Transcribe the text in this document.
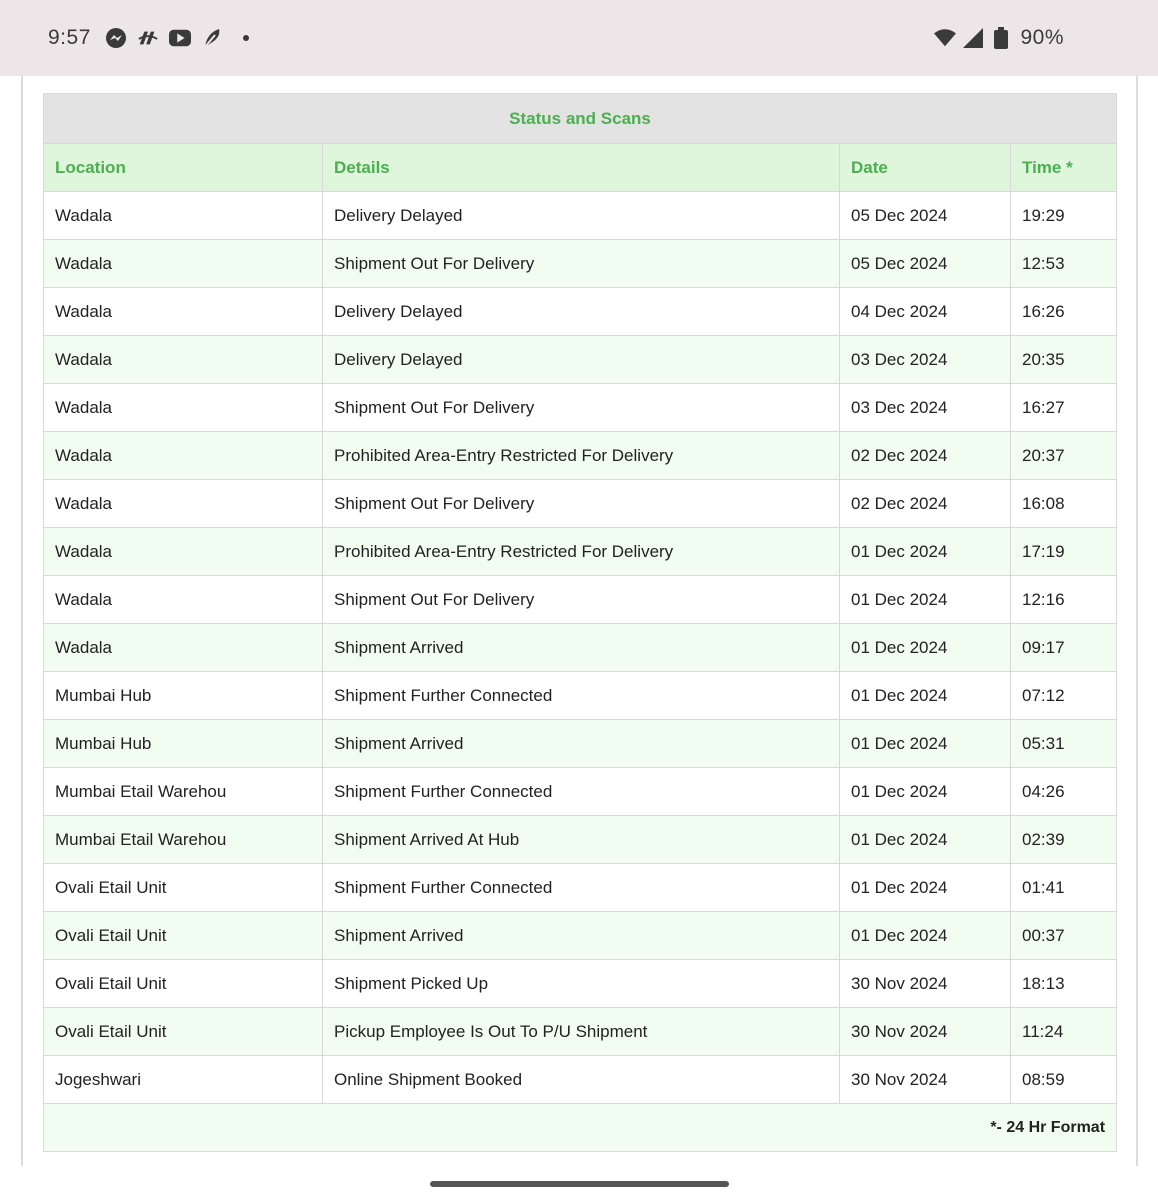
9:57	90%
Status and Scans			
Location	Details	Date	Time *
Wadala	Delivery Delayed	05 Dec 2024	19:29
Wadala	Shipment Out For Delivery	05 Dec 2024	12:53
Wadala	Delivery Delayed	04 Dec 2024	16:26
Wadala	Delivery Delayed	03 Dec 2024	20:35
Wadala	Shipment Out For Delivery	03 Dec 2024	16:27
Wadala	Prohibited Area-Entry Restricted For Delivery	02 Dec 2024	20:37
Wadala	Shipment Out For Delivery	02 Dec 2024	16:08
Wadala	Prohibited Area-Entry Restricted For Delivery	01 Dec 2024	17:19
Wadala	Shipment Out For Delivery	01 Dec 2024	12:16
Wadala	Shipment Arrived	01 Dec 2024	09:17
Mumbai Hub	Shipment Further Connected	01 Dec 2024	07:12
Mumbai Hub	Shipment Arrived	01 Dec 2024	05:31
Mumbai Etail Warehou	Shipment Further Connected	01 Dec 2024	04:26
Mumbai Etail Warehou	Shipment Arrived At Hub	01 Dec 2024	02:39
Ovali Etail Unit	Shipment Further Connected	01 Dec 2024	01:41
Ovali Etail Unit	Shipment Arrived	01 Dec 2024	00:37
Ovali Etail Unit	Shipment Picked Up	30 Nov 2024	18:13
Ovali Etail Unit	Pickup Employee Is Out To P/U Shipment	30 Nov 2024	11:24
Jogeshwari	Online Shipment Booked	30 Nov 2024	08:59
*- 24 Hr Format			
